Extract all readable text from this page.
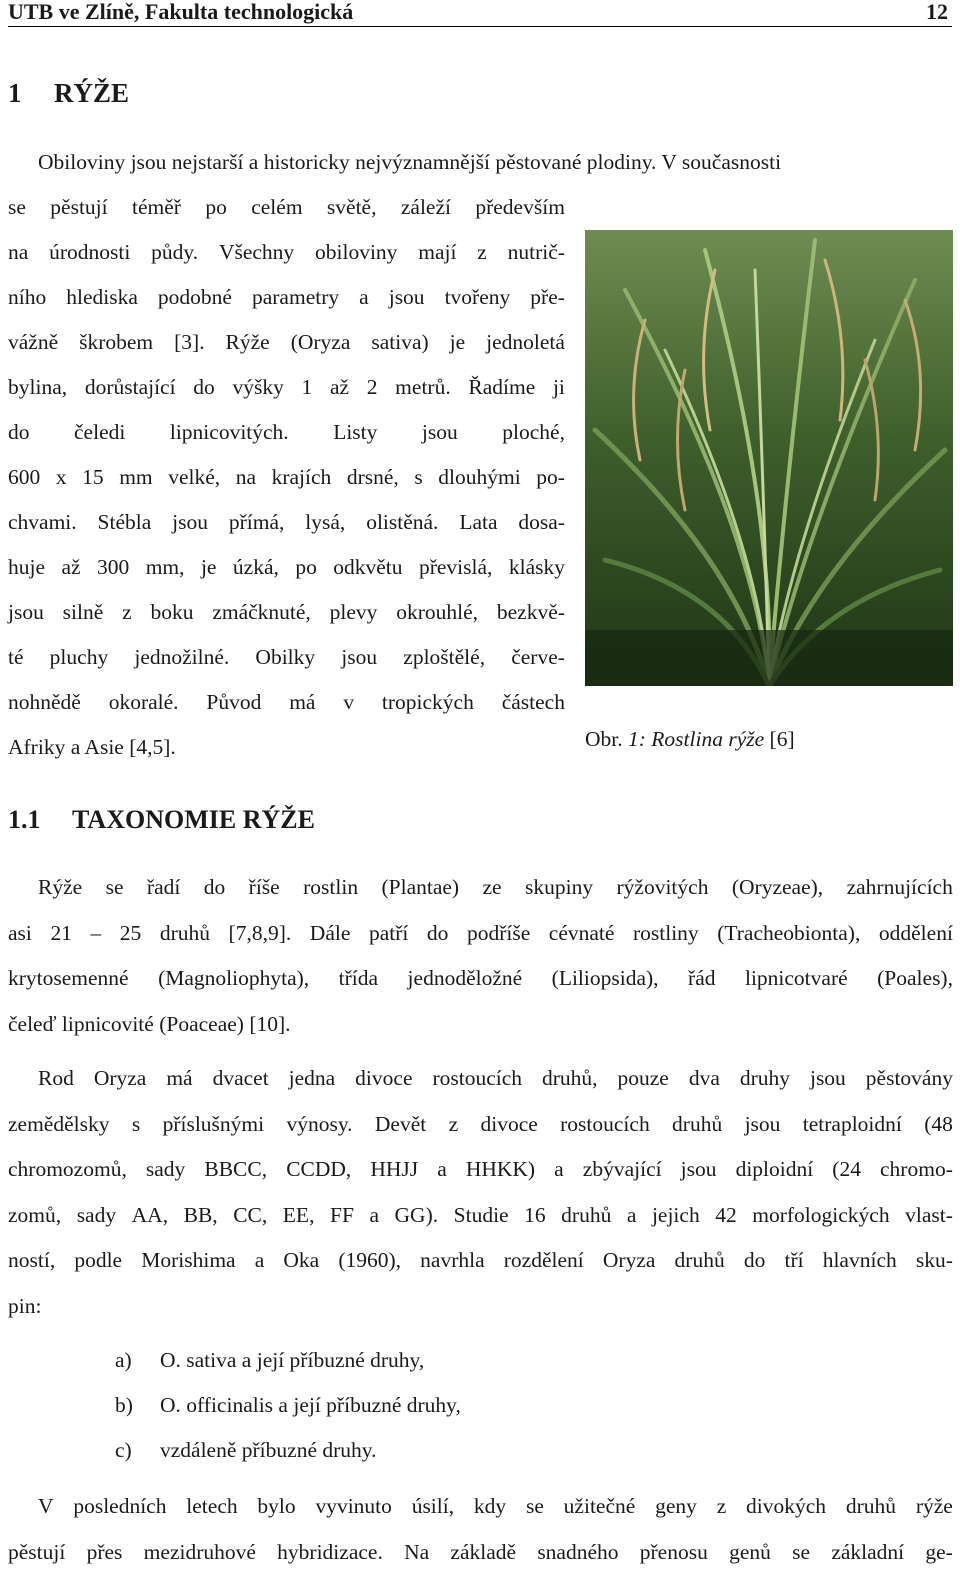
UTB ve Zlíně, Fakulta technologická	12
1 RÝŽE
Obiloviny jsou nejstarší a historicky nejvýznamnější pěstované plodiny. V současnosti
se pěstují téměř po celém světě, záleží především
na úrodnosti půdy. Všechny obiloviny mají z nutrič-
ního hlediska podobné parametry a jsou tvořeny pře-
vážně škrobem [3]. Rýže (Oryza sativa) je jednoletá
bylina, dorůstající do výšky 1 až 2 metrů. Řadíme ji
do čeledi lipnicovitých. Listy jsou ploché,
600 x 15 mm velké, na krajích drsné, s dlouhými po-
chvami. Stébla jsou přímá, lysá, olistěná. Lata dosa-
huje až 300 mm, je úzká, po odkvětu převislá, klásky
jsou silně z boku zmáčknuté, plevy okrouhlé, bezkvě-
té pluchy jednožilné. Obilky jsou zploštělé, červe-
nohnědě okoralé. Původ má v tropických částech
Afriky a Asie [4,5].	Obr. 1: Rostlina rýže [6]
1.1 TAXONOMIE RÝŽE
Rýže se řadí do říše rostlin (Plantae) ze skupiny rýžovitých (Oryzeae), zahrnujících
asi 21 – 25 druhů [7,8,9]. Dále patří do podříše cévnaté rostliny (Tracheobionta), oddělení
krytosemenné (Magnoliophyta), třída jednoděložné (Liliopsida), řád lipnicotvaré (Poales),
čeleď lipnicovité (Poaceae) [10].
Rod Oryza má dvacet jedna divoce rostoucích druhů, pouze dva druhy jsou pěstovány
zemědělsky s příslušnými výnosy. Devět z divoce rostoucích druhů jsou tetraploidní (48
chromozomů, sady BBCC, CCDD, HHJJ a HHKK) a zbývající jsou diploidní (24 chromo-
zomů, sady AA, BB, CC, EE, FF a GG). Studie 16 druhů a jejich 42 morfologických vlast-
ností, podle Morishima a Oka (1960), navrhla rozdělení Oryza druhů do tří hlavních sku-
pin:
a)	O. sativa a její příbuzné druhy,
b)	O. officinalis a její příbuzné druhy,
c)	vzdáleně příbuzné druhy.
V posledních letech bylo vyvinuto úsilí, kdy se užitečné geny z divokých druhů rýže
pěstují přes mezidruhové hybridizace. Na základě snadného přenosu genů se základní ge-
